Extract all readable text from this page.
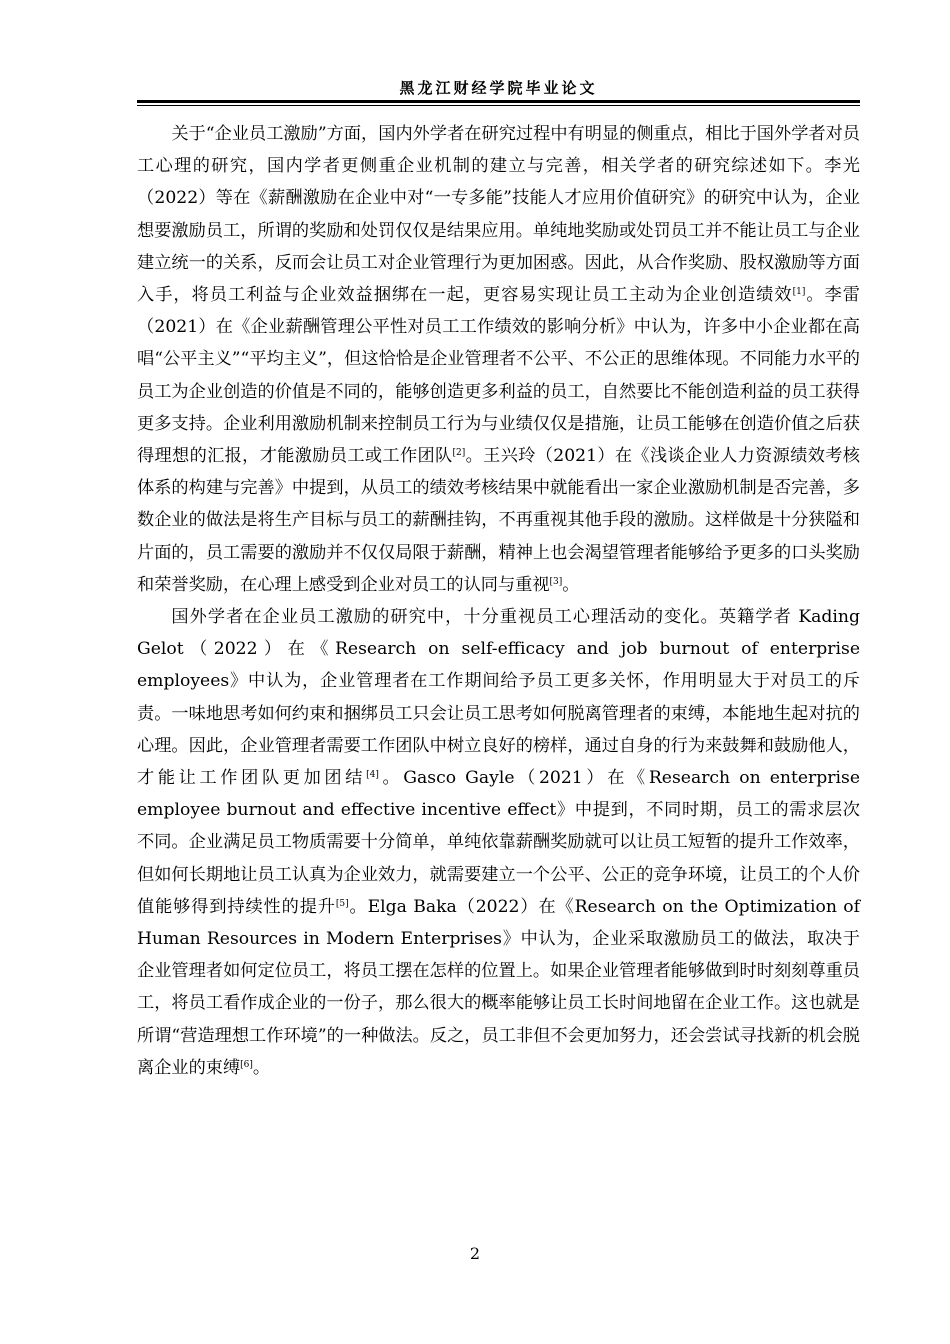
黑龙江财经学院毕业论文

关于“企业员工激励”方面，国内外学者在研究过程中有明显的侧重点，相比于国外学者对员工心理的研究，国内学者更侧重企业机制的建立与完善，相关学者的研究综述如下。李光（2022）等在《薪酬激励在企业中对“一专多能”技能人才应用价值研究》的研究中认为，企业想要激励员工，所谓的奖励和处罚仅仅是结果应用。单纯地奖励或处罚员工并不能让员工与企业建立统一的关系，反而会让员工对企业管理行为更加困惑。因此，从合作奖励、股权激励等方面入手，将员工利益与企业效益捆绑在一起，更容易实现让员工主动为企业创造绩效[1]。李雷（2021）在《企业薪酬管理公平性对员工工作绩效的影响分析》中认为，许多中小企业都在高唱“公平主义”“平均主义”，但这恰恰是企业管理者不公平、不公正的思维体现。不同能力水平的员工为企业创造的价值是不同的，能够创造更多利益的员工，自然要比不能创造利益的员工获得更多支持。企业利用激励机制来控制员工行为与业绩仅仅是措施，让员工能够在创造价值之后获得理想的汇报，才能激励员工或工作团队[2]。王兴玲（2021）在《浅谈企业人力资源绩效考核体系的构建与完善》中提到，从员工的绩效考核结果中就能看出一家企业激励机制是否完善，多数企业的做法是将生产目标与员工的薪酬挂钩，不再重视其他手段的激励。这样做是十分狭隘和片面的，员工需要的激励并不仅仅局限于薪酬，精神上也会渴望管理者能够给予更多的口头奖励和荣誉奖励，在心理上感受到企业对员工的认同与重视[3]。

国外学者在企业员工激励的研究中，十分重视员工心理活动的变化。英籍学者 Kading Gelot（2022）在《Research on self-efficacy and job burnout of enterprise employees》中认为，企业管理者在工作期间给予员工更多关怀，作用明显大于对员工的斥责。一味地思考如何约束和捆绑员工只会让员工思考如何脱离管理者的束缚，本能地生起对抗的心理。因此，企业管理者需要工作团队中树立良好的榜样，通过自身的行为来鼓舞和鼓励他人，才能让工作团队更加团结[4]。Gasco Gayle（2021）在《Research on enterprise employee burnout and effective incentive effect》中提到，不同时期，员工的需求层次不同。企业满足员工物质需要十分简单，单纯依靠薪酬奖励就可以让员工短暂的提升工作效率，但如何长期地让员工认真为企业效力，就需要建立一个公平、公正的竞争环境，让员工的个人价值能够得到持续性的提升[5]。Elga Baka（2022）在《Research on the Optimization of Human Resources in Modern Enterprises》中认为，企业采取激励员工的做法，取决于企业管理者如何定位员工，将员工摆在怎样的位置上。如果企业管理者能够做到时时刻刻尊重员工，将员工看作成企业的一份子，那么很大的概率能够让员工长时间地留在企业工作。这也就是所谓“营造理想工作环境”的一种做法。反之，员工非但不会更加努力，还会尝试寻找新的机会脱离企业的束缚[6]。

2
